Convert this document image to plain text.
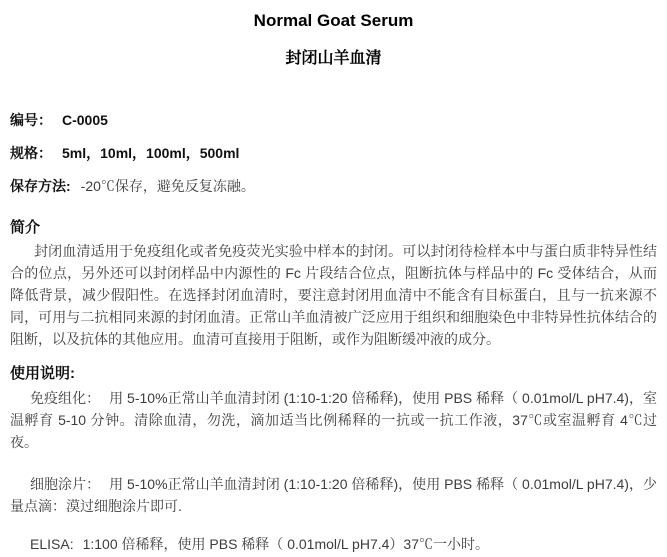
Normal Goat Serum
封闭山羊血清
编号： C-0005
规格： 5ml，10ml，100ml，500ml
保存方法: -20℃保存，避免反复冻融。
简介

封闭血清适用于免疫组化或者免疫荧光实验中样本的封闭。可以封闭待检样本中与蛋白质非特异性结合的位点，另外还可以封闭样品中内源性的 Fc 片段结合位点，阻断抗体与样品中的 Fc 受体结合，从而降低背景，减少假阳性。在选择封闭血清时，要注意封闭用血清中不能含有目标蛋白，且与一抗来源不同，可用与二抗相同来源的封闭血清。正常山羊血清被广泛应用于组织和细胞染色中非特异性抗体结合的阻断，以及抗体的其他应用。血清可直接用于阻断，或作为阻断缓冲液的成分。

使用说明:

免疫组化： 用 5-10%正常山羊血清封闭 (1:10-1:20 倍稀释)，使用 PBS 稀释（ 0.01mol/L pH7.4)，室温孵育 5-10 分钟。清除血清，勿洗，滴加适当比例稀释的一抗或一抗工作液，37℃或室温孵育 4℃过夜。

细胞涂片： 用 5-10%正常山羊血清封闭 (1:10-1:20 倍稀释)，使用 PBS 稀释（ 0.01mol/L pH7.4)，少量点滴：漠过细胞涂片即可.

ELISA: 1:100 倍稀释，使用 PBS 稀释（ 0.01mol/L pH7.4）37℃一小时。
